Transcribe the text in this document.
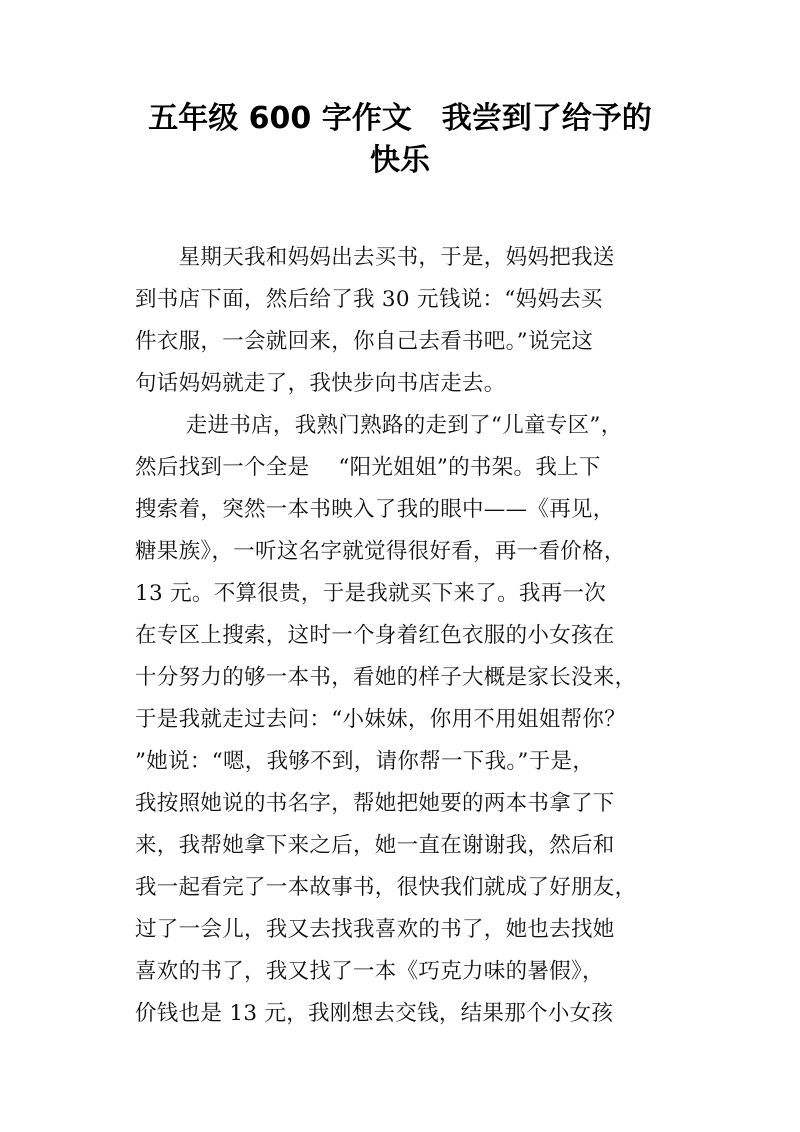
五年级 600 字作文　我尝到了给予的
快乐
　　星期天我和妈妈出去买书，于是，妈妈把我送
到书店下面，然后给了我 30 元钱说：“妈妈去买
件衣服，一会就回来，你自己去看书吧。”说完这
句话妈妈就走了，我快步向书店走去。
　　 走进书店，我熟门熟路的走到了“儿童专区”，
然后找到一个全是　 “阳光姐姐”的书架。我上下
搜索着，突然一本书映入了我的眼中——《再见，
糖果族》，一听这名字就觉得很好看，再一看价格，
13 元。不算很贵，于是我就买下来了。我再一次
在专区上搜索，这时一个身着红色衣服的小女孩在
十分努力的够一本书，看她的样子大概是家长没来，
于是我就走过去问：“小妹妹，你用不用姐姐帮你？
”她说：“嗯，我够不到，请你帮一下我。”于是，
我按照她说的书名字，帮她把她要的两本书拿了下
来，我帮她拿下来之后，她一直在谢谢我，然后和
我一起看完了一本故事书，很快我们就成了好朋友，
过了一会儿，我又去找我喜欢的书了，她也去找她
喜欢的书了，我又找了一本《巧克力味的暑假》，
价钱也是 13 元，我刚想去交钱，结果那个小女孩
